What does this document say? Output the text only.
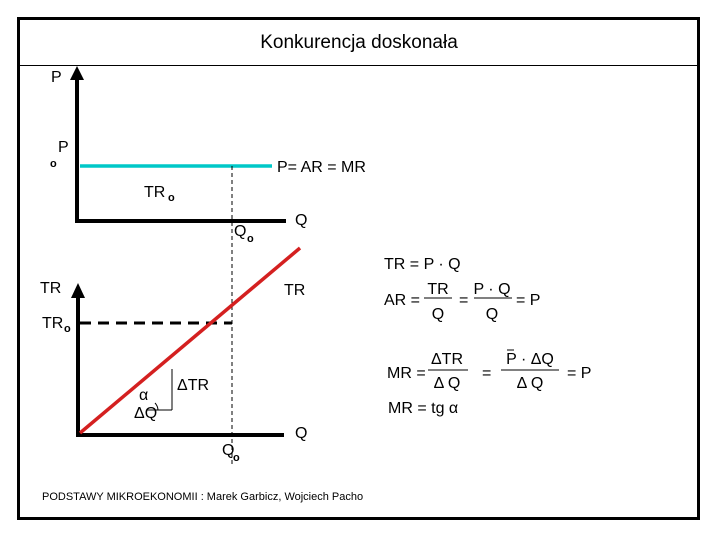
Konkurencja doskonała
P
P
o	P= AR = MR
TR o
Q o
Q
TR	TR
TR o
α
ΔTR
ΔQ
Q
o
Q
TR = P · Q
AR =
TR
Q
=
P · Q
Q
= P
MR =
ΔTR
Δ Q
=
P · ΔQ
Δ Q
= P
MR = tg α
PODSTAWY MIKROEKONOMII : Marek Garbicz, Wojciech Pacho
